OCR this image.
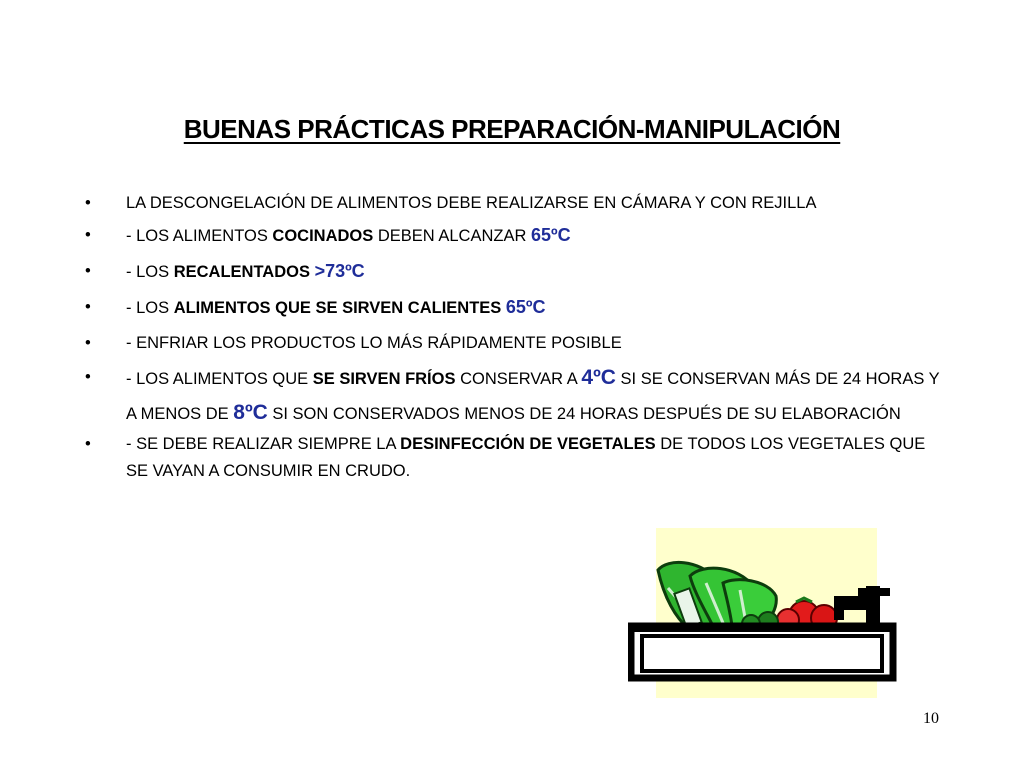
BUENAS PRÁCTICAS PREPARACIÓN-MANIPULACIÓN
• LA DESCONGELACIÓN DE ALIMENTOS DEBE REALIZARSE EN CÁMARA Y CON REJILLA
• - LOS ALIMENTOS COCINADOS DEBEN ALCANZAR 65ºC
• - LOS RECALENTADOS >73ºC
• - LOS ALIMENTOS QUE SE SIRVEN CALIENTES 65ºC
• - ENFRIAR LOS PRODUCTOS LO MÁS RÁPIDAMENTE POSIBLE
• - LOS ALIMENTOS QUE SE SIRVEN FRÍOS CONSERVAR A 4ºC SI SE CONSERVAN MÁS DE 24 HORAS Y A MENOS DE 8ºC SI SON CONSERVADOS MENOS DE 24 HORAS DESPUÉS DE SU ELABORACIÓN
• - SE DEBE REALIZAR SIEMPRE LA DESINFECCIÓN DE VEGETALES DE TODOS LOS VEGETALES QUE SE VAYAN A CONSUMIR EN CRUDO.
10
